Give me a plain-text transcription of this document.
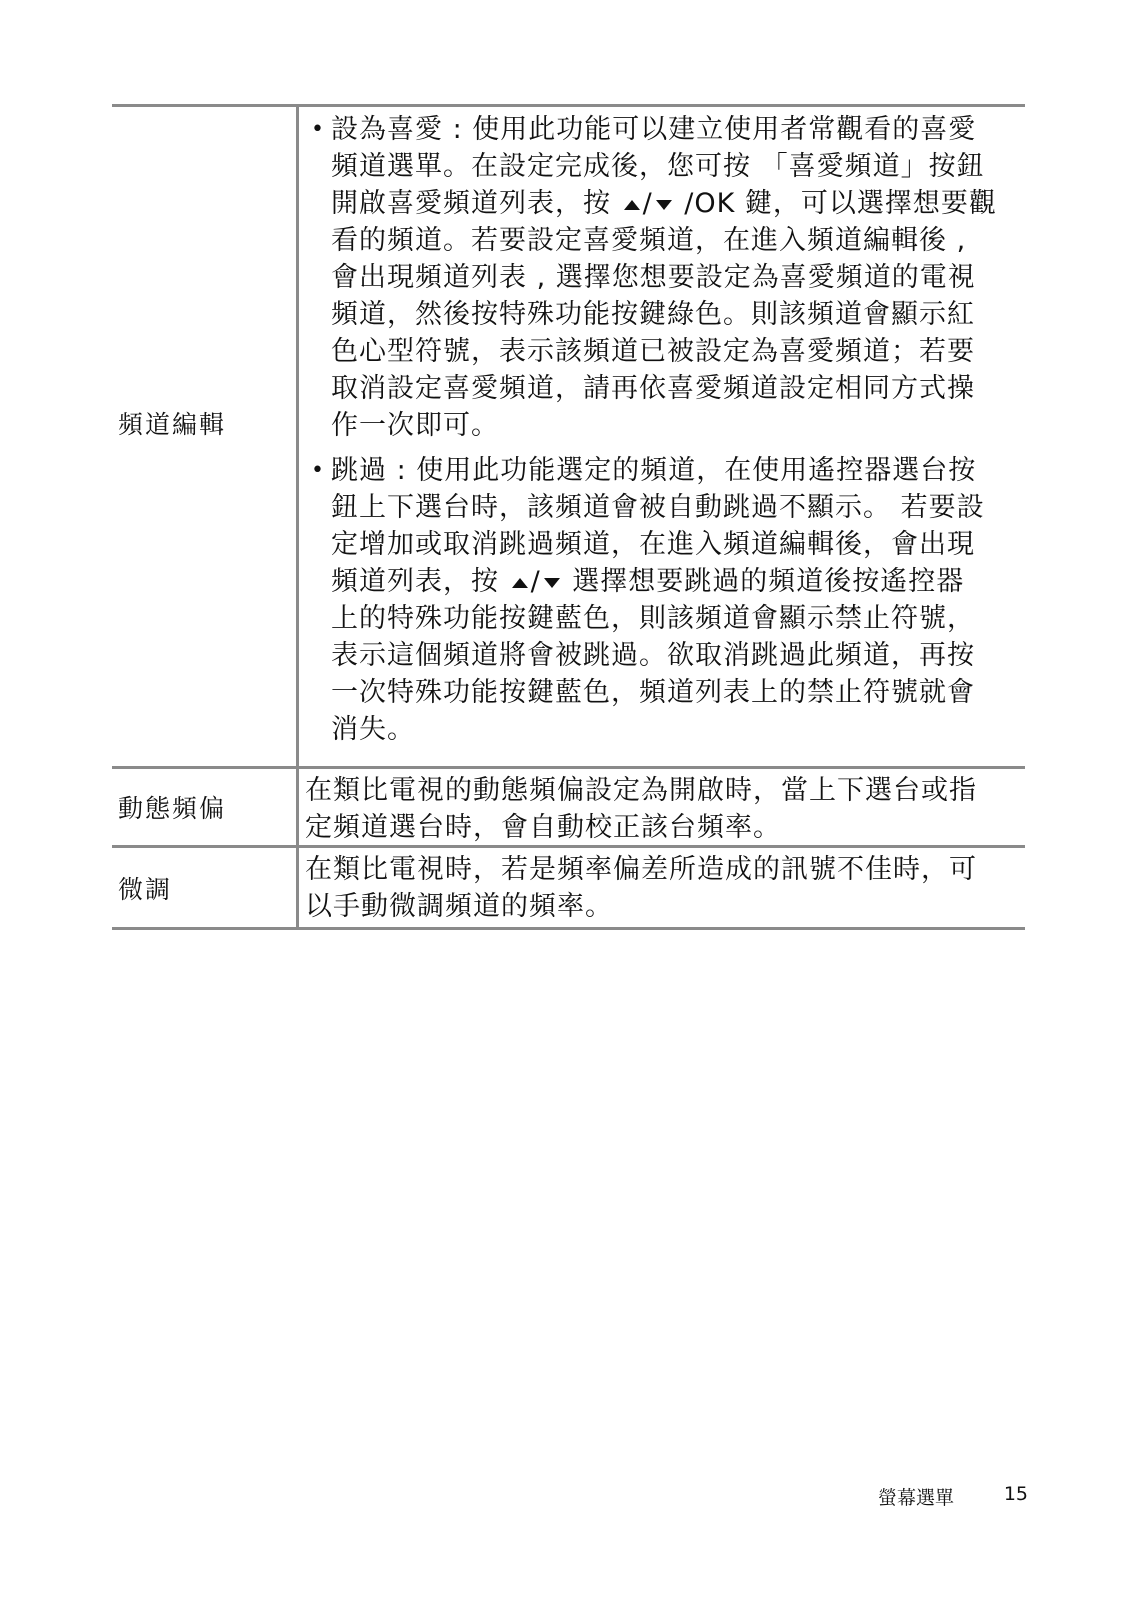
頻道編輯
• 設為喜愛 : 使用此功能可以建立使用者常觀看的喜愛
頻道選單。在設定完成後，您可按 「喜愛頻道」按鈕
開啟喜愛頻道列表，按 / /OK 鍵，可以選擇想要觀
看的頻道。若要設定喜愛頻道，在進入頻道編輯後 ,
會出現頻道列表 , 選擇您想要設定為喜愛頻道的電視
頻道，然後按特殊功能按鍵綠色。則該頻道會顯示紅
色心型符號，表示該頻道已被設定為喜愛頻道；若要
取消設定喜愛頻道，請再依喜愛頻道設定相同方式操
作一次即可。
• 跳過 : 使用此功能選定的頻道，在使用遙控器選台按
鈕上下選台時，該頻道會被自動跳過不顯示。 若要設
定增加或取消跳過頻道，在進入頻道編輯後，會出現
頻道列表，按 / 選擇想要跳過的頻道後按遙控器
上的特殊功能按鍵藍色，則該頻道會顯示禁止符號，
表示這個頻道將會被跳過。欲取消跳過此頻道，再按
一次特殊功能按鍵藍色，頻道列表上的禁止符號就會
消失。
動態頻偏
在類比電視的動態頻偏設定為開啟時，當上下選台或指
定頻道選台時，會自動校正該台頻率。
微調
在類比電視時，若是頻率偏差所造成的訊號不佳時，可
以手動微調頻道的頻率。
螢幕選單	15
